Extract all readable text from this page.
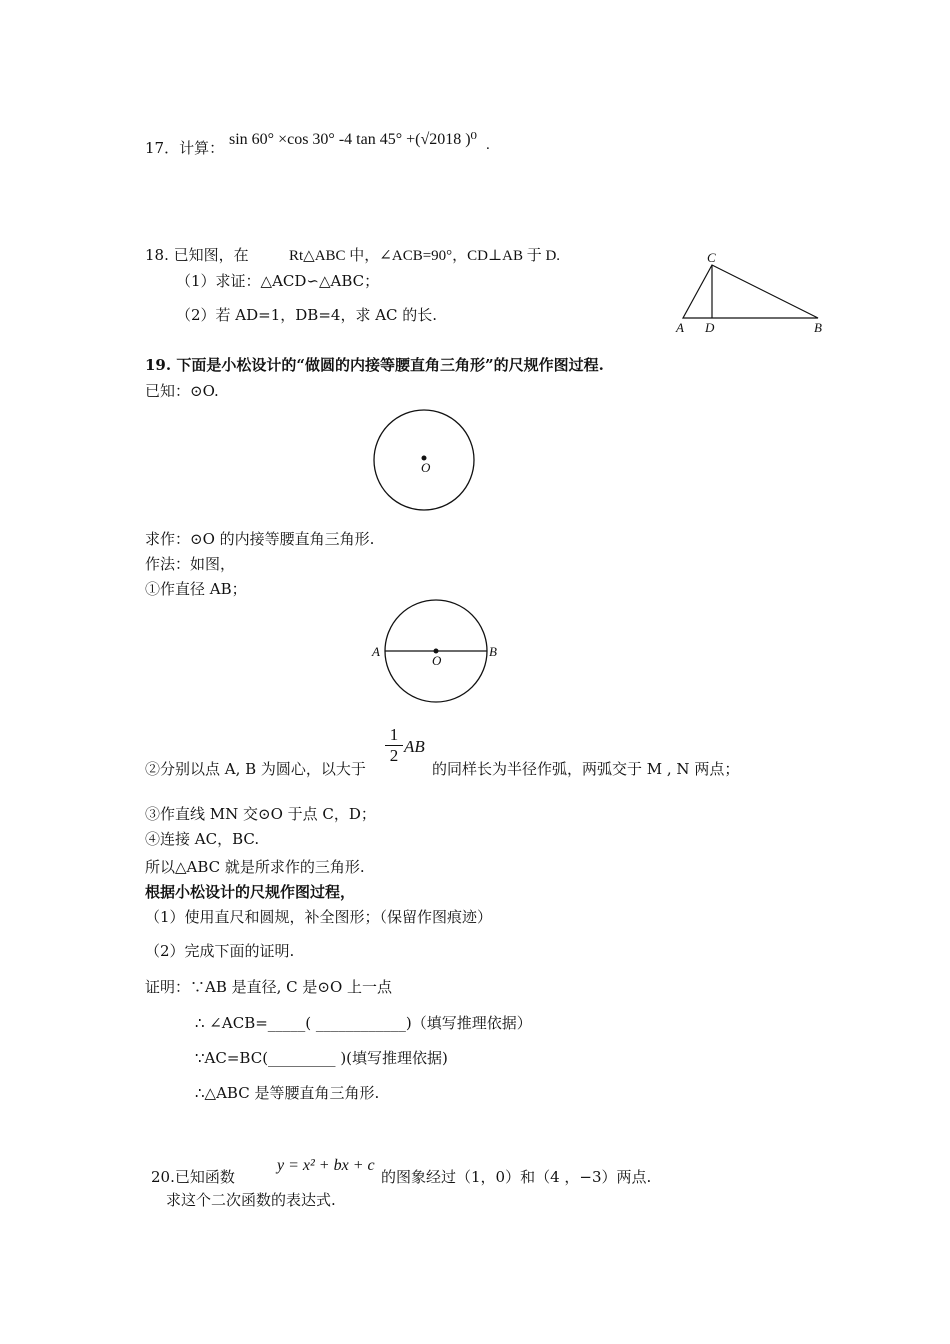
17．计算： sin 60° ×cos 30° -4 tan 45° +(√2018 )⁰ .
18. 已知图，在	Rt△ABC 中，∠ACB=90°，CD⊥AB 于 D.
（1）求证：△ACD∽△ABC；
（2）若 AD=1，DB=4，求 AC 的长.
C
A D	B
19. 下面是小松设计的“做圆的内接等腰直角三角形”的尺规作图过程.
已知：⊙O.
O
求作：⊙O 的内接等腰直角三角形.
作法：如图，
①作直径 AB；
A	B
O
②分别以点 A, B 为圆心，以大于
$\frac{1}{2}$ AB
的同样长为半径作弧，两弧交于 M , N 两点；
③作直线 MN 交⊙O 于点 C，D；
④连接 AC，BC.
所以△ABC 就是所求作的三角形.
根据小松设计的尺规作图过程，
（1）使用直尺和圆规，补全图形；（保留作图痕迹）
（2）完成下面的证明.
证明：∵AB 是直径, C 是⊙O 上一点
∴ ∠ACB=_____( ____________)（填写推理依据）
∵AC=BC(_________ )(填写推理依据)
∴△ABC 是等腰直角三角形.
20.已知函数
y = x² + bx + c
的图象经过（1，0）和（4 ，−3）两点.
求这个二次函数的表达式.
